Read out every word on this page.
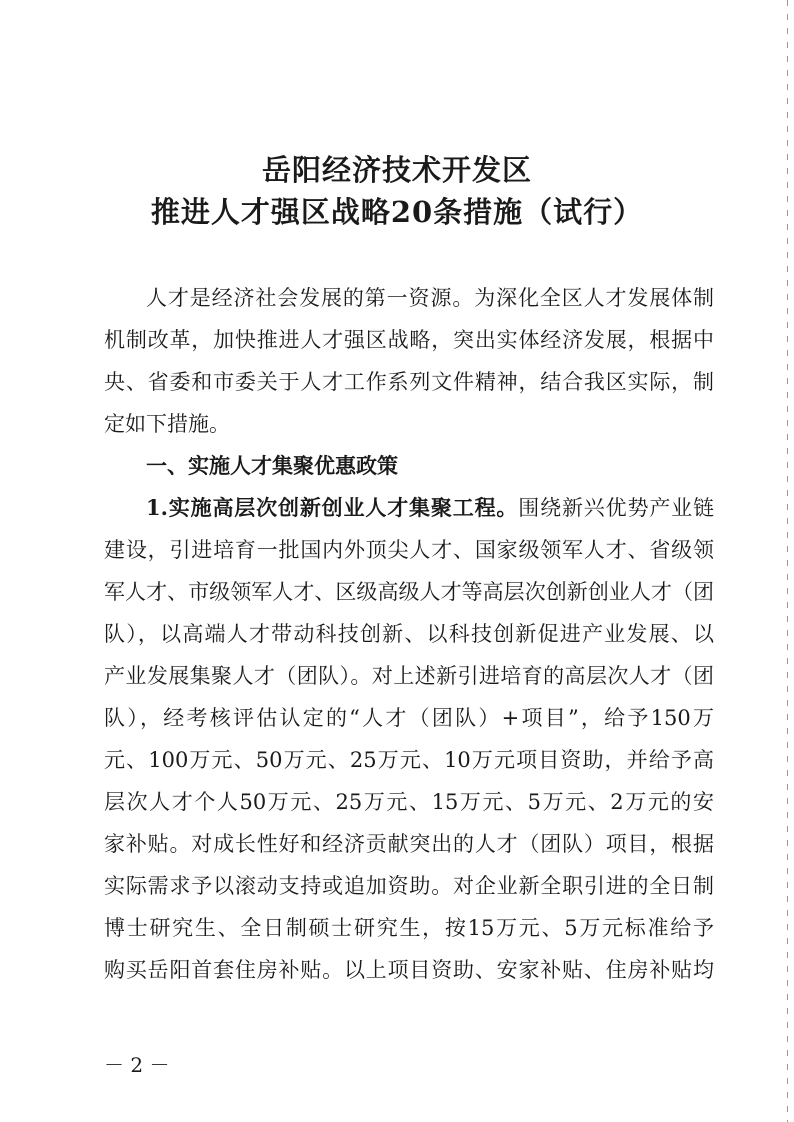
岳阳经济技术开发区
推进人才强区战略20条措施（试行）
人才是经济社会发展的第一资源。为深化全区人才发展体制
机制改革，加快推进人才强区战略，突出实体经济发展，根据中
央、省委和市委关于人才工作系列文件精神，结合我区实际，制
定如下措施。
一、实施人才集聚优惠政策
1.实施高层次创新创业人才集聚工程。围绕新兴优势产业链
建设，引进培育一批国内外顶尖人才、国家级领军人才、省级领
军人才、市级领军人才、区级高级人才等高层次创新创业人才（团
队），以高端人才带动科技创新、以科技创新促进产业发展、以
产业发展集聚人才（团队）。对上述新引进培育的高层次人才（团
队），经考核评估认定的“人才（团队）+项目”，给予150万
元、100万元、50万元、25万元、10万元项目资助，并给予高
层次人才个人50万元、25万元、15万元、5万元、2万元的安
家补贴。对成长性好和经济贡献突出的人才（团队）项目，根据
实际需求予以滚动支持或追加资助。对企业新全职引进的全日制
博士研究生、全日制硕士研究生，按15万元、5万元标准给予
购买岳阳首套住房补贴。以上项目资助、安家补贴、住房补贴均
－ 2 －
